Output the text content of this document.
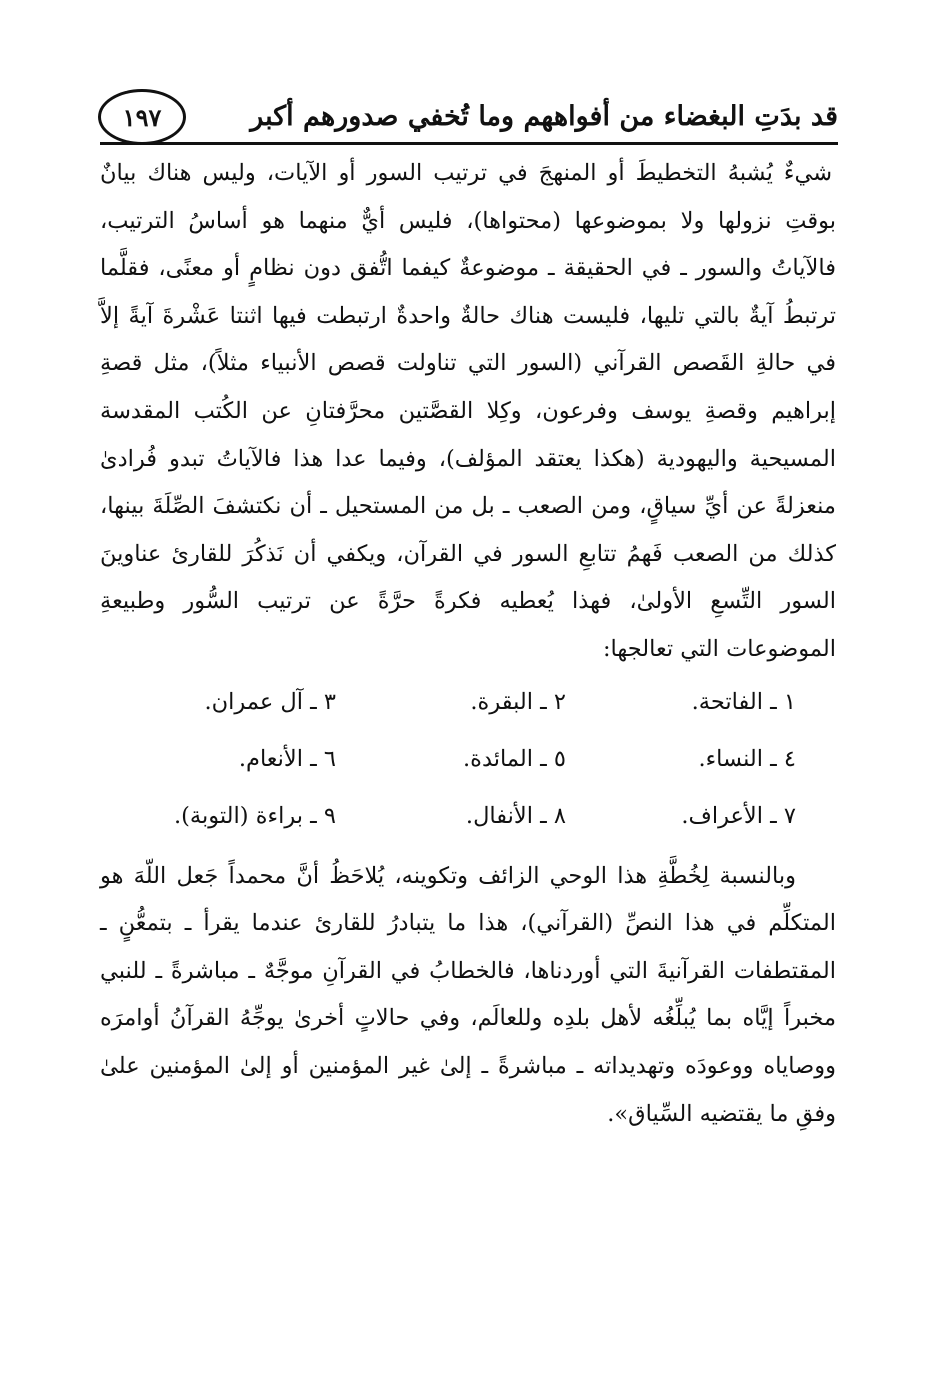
قد بدَتِ البغضاء من أفواههم وما تُخفي صدورهم أكبر
١٩٧

شيءٌ يُشبهُ التخطيطَ أو المنهجَ في ترتيب السور أو الآيات، وليس هناك بيانٌ بوقتِ نزولها ولا بموضوعها (محتواها)، فليس أيٌّ منهما هو أساسُ الترتيب، فالآياتُ والسور ـ في الحقيقة ـ موضوعةٌ كيفما اتُّفق دون نظامٍ أو معنًى، فقلَّما ترتبطُ آيةٌ بالتي تليها، فليست هناك حالةٌ واحدةٌ ارتبطت فيها اثنتا عَشْرةَ آيةً إلاَّ في حالةِ القَصص القرآني (السور التي تناولت قصص الأنبياء مثلاً)، مثل قصةِ إبراهيم وقصةِ يوسف وفرعون، وكِلا القصَّتين محرَّفتانِ عن الكُتب المقدسة المسيحية واليهودية (هكذا يعتقد المؤلف)، وفيما عدا هذا فالآياتُ تبدو فُرادىٰ منعزلةً عن أيِّ سياقٍ، ومن الصعب ـ بل من المستحيل ـ أن نكتشفَ الصِّلَةَ بينها، كذلك من الصعب فَهمُ تتابعِ السور في القرآن، ويكفي أن نَذكُرَ للقارئ عناوينَ السور التِّسعِ الأولىٰ، فهذا يُعطيه فكرةً حرَّةً عن ترتيب السُّور وطبيعةِ الموضوعات التي تعالجها:

١ ـ الفاتحة.
٢ ـ البقرة.
٣ ـ آل عمران.
٤ ـ النساء.
٥ ـ المائدة.
٦ ـ الأنعام.
٧ ـ الأعراف.
٨ ـ الأنفال.
٩ ـ براءة (التوبة).

وبالنسبة لِخُطَّةِ هذا الوحي الزائف وتكوينه، يُلاحَظُ أنَّ محمداً جَعل اللّهَ هو المتكلِّم في هذا النصِّ (القرآني)، هذا ما يتبادرُ للقارئ عندما يقرأ ـ بتمعُّنٍ ـ المقتطفات القرآنيةَ التي أوردناها، فالخطابُ في القرآنِ موجَّهٌ ـ مباشرةً ـ للنبي مخبراً إيَّاه بما يُبلِّغُه لأهل بلدِه وللعالَم، وفي حالاتٍ أخرىٰ يوجِّهُ القرآنُ أوامرَه ووصاياه ووعودَه وتهديداته ـ مباشرةً ـ إلىٰ غير المؤمنين أو إلىٰ المؤمنين علىٰ وفقِ ما يقتضيه السِّياق».
